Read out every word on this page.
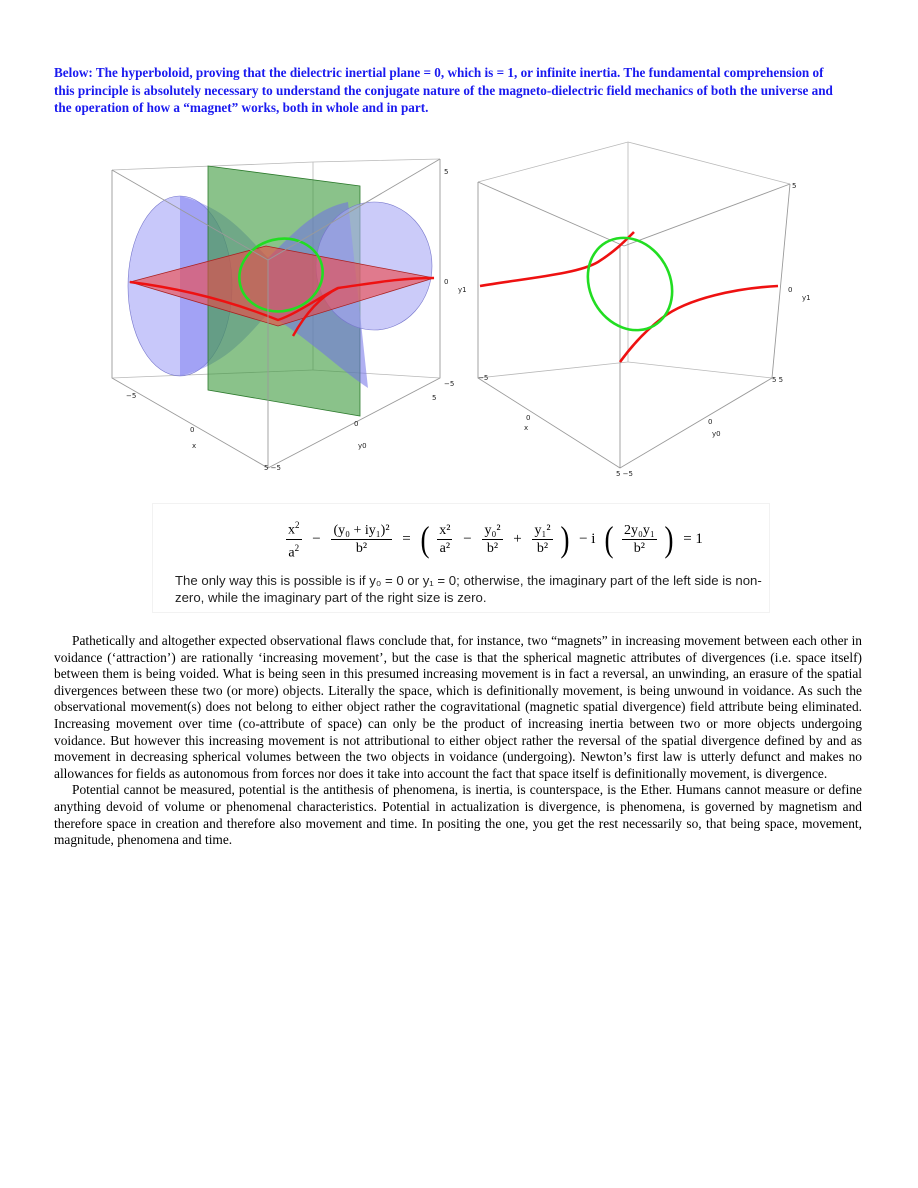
Below: The hyperboloid, proving that the dielectric inertial plane = 0, which is = 1, or infinite inertia. The fundamental comprehension of this principle is absolutely necessary to understand the conjugate nature of the magneto-dielectric field mechanics of both the universe and the operation of how a “magnet” works, both in whole and in part.

5
0
−5
y1
−5
0
x
5 −5
0
y0
5
5
0
y1
5 5
−5
0
x
5 −5
0
y0
$\frac{x^2}{a^2} - \frac{\text{(y₀ + iy₁)²}}{\text{b²}}$ = ( $\frac{\text{x²}}{\text{a²}} - \frac{\text{y₀²}}{\text{b²}} + \frac{\text{y₁²}}{\text{b²}}$ ) − i ( $\frac{\text{2y₀y₁}}{\text{b²}}$ ) = 1
The only way this is possible is if y₀ = 0 or y₁ = 0; otherwise, the imaginary part of the left side is non-zero, while the imaginary part of the right size is zero.

Pathetically and altogether expected observational flaws conclude that, for instance, two “magnets” in increasing movement between each other in voidance (‘attraction’) are rationally ‘increasing movement’, but the case is that the spherical magnetic attributes of divergences (i.e. space itself) between them is being voided. What is being seen in this presumed increasing movement is in fact a reversal, an unwinding, an erasure of the spatial divergences between these two (or more) objects. Literally the space, which is definitionally movement, is being unwound in voidance. As such the observational movement(s) does not belong to either object rather the cogravitational (magnetic spatial divergence) field attribute being eliminated. Increasing movement over time (co-attribute of space) can only be the product of increasing inertia between two or more objects undergoing voidance. But however this increasing movement is not attributional to either object rather the reversal of the spatial divergence defined by and as movement in decreasing spherical volumes between the two objects in voidance (undergoing). Newton’s first law is utterly defunct and makes no allowances for fields as autonomous from forces nor does it take into account the fact that space itself is definitionally movement, is divergence.

Potential cannot be measured, potential is the antithesis of phenomena, is inertia, is counterspace, is the Ether. Humans cannot measure or define anything devoid of volume or phenomenal characteristics. Potential in actualization is divergence, is phenomena, is governed by magnetism and therefore space in creation and therefore also movement and time. In positing the one, you get the rest necessarily so, that being space, movement, magnitude, phenomena and time.
